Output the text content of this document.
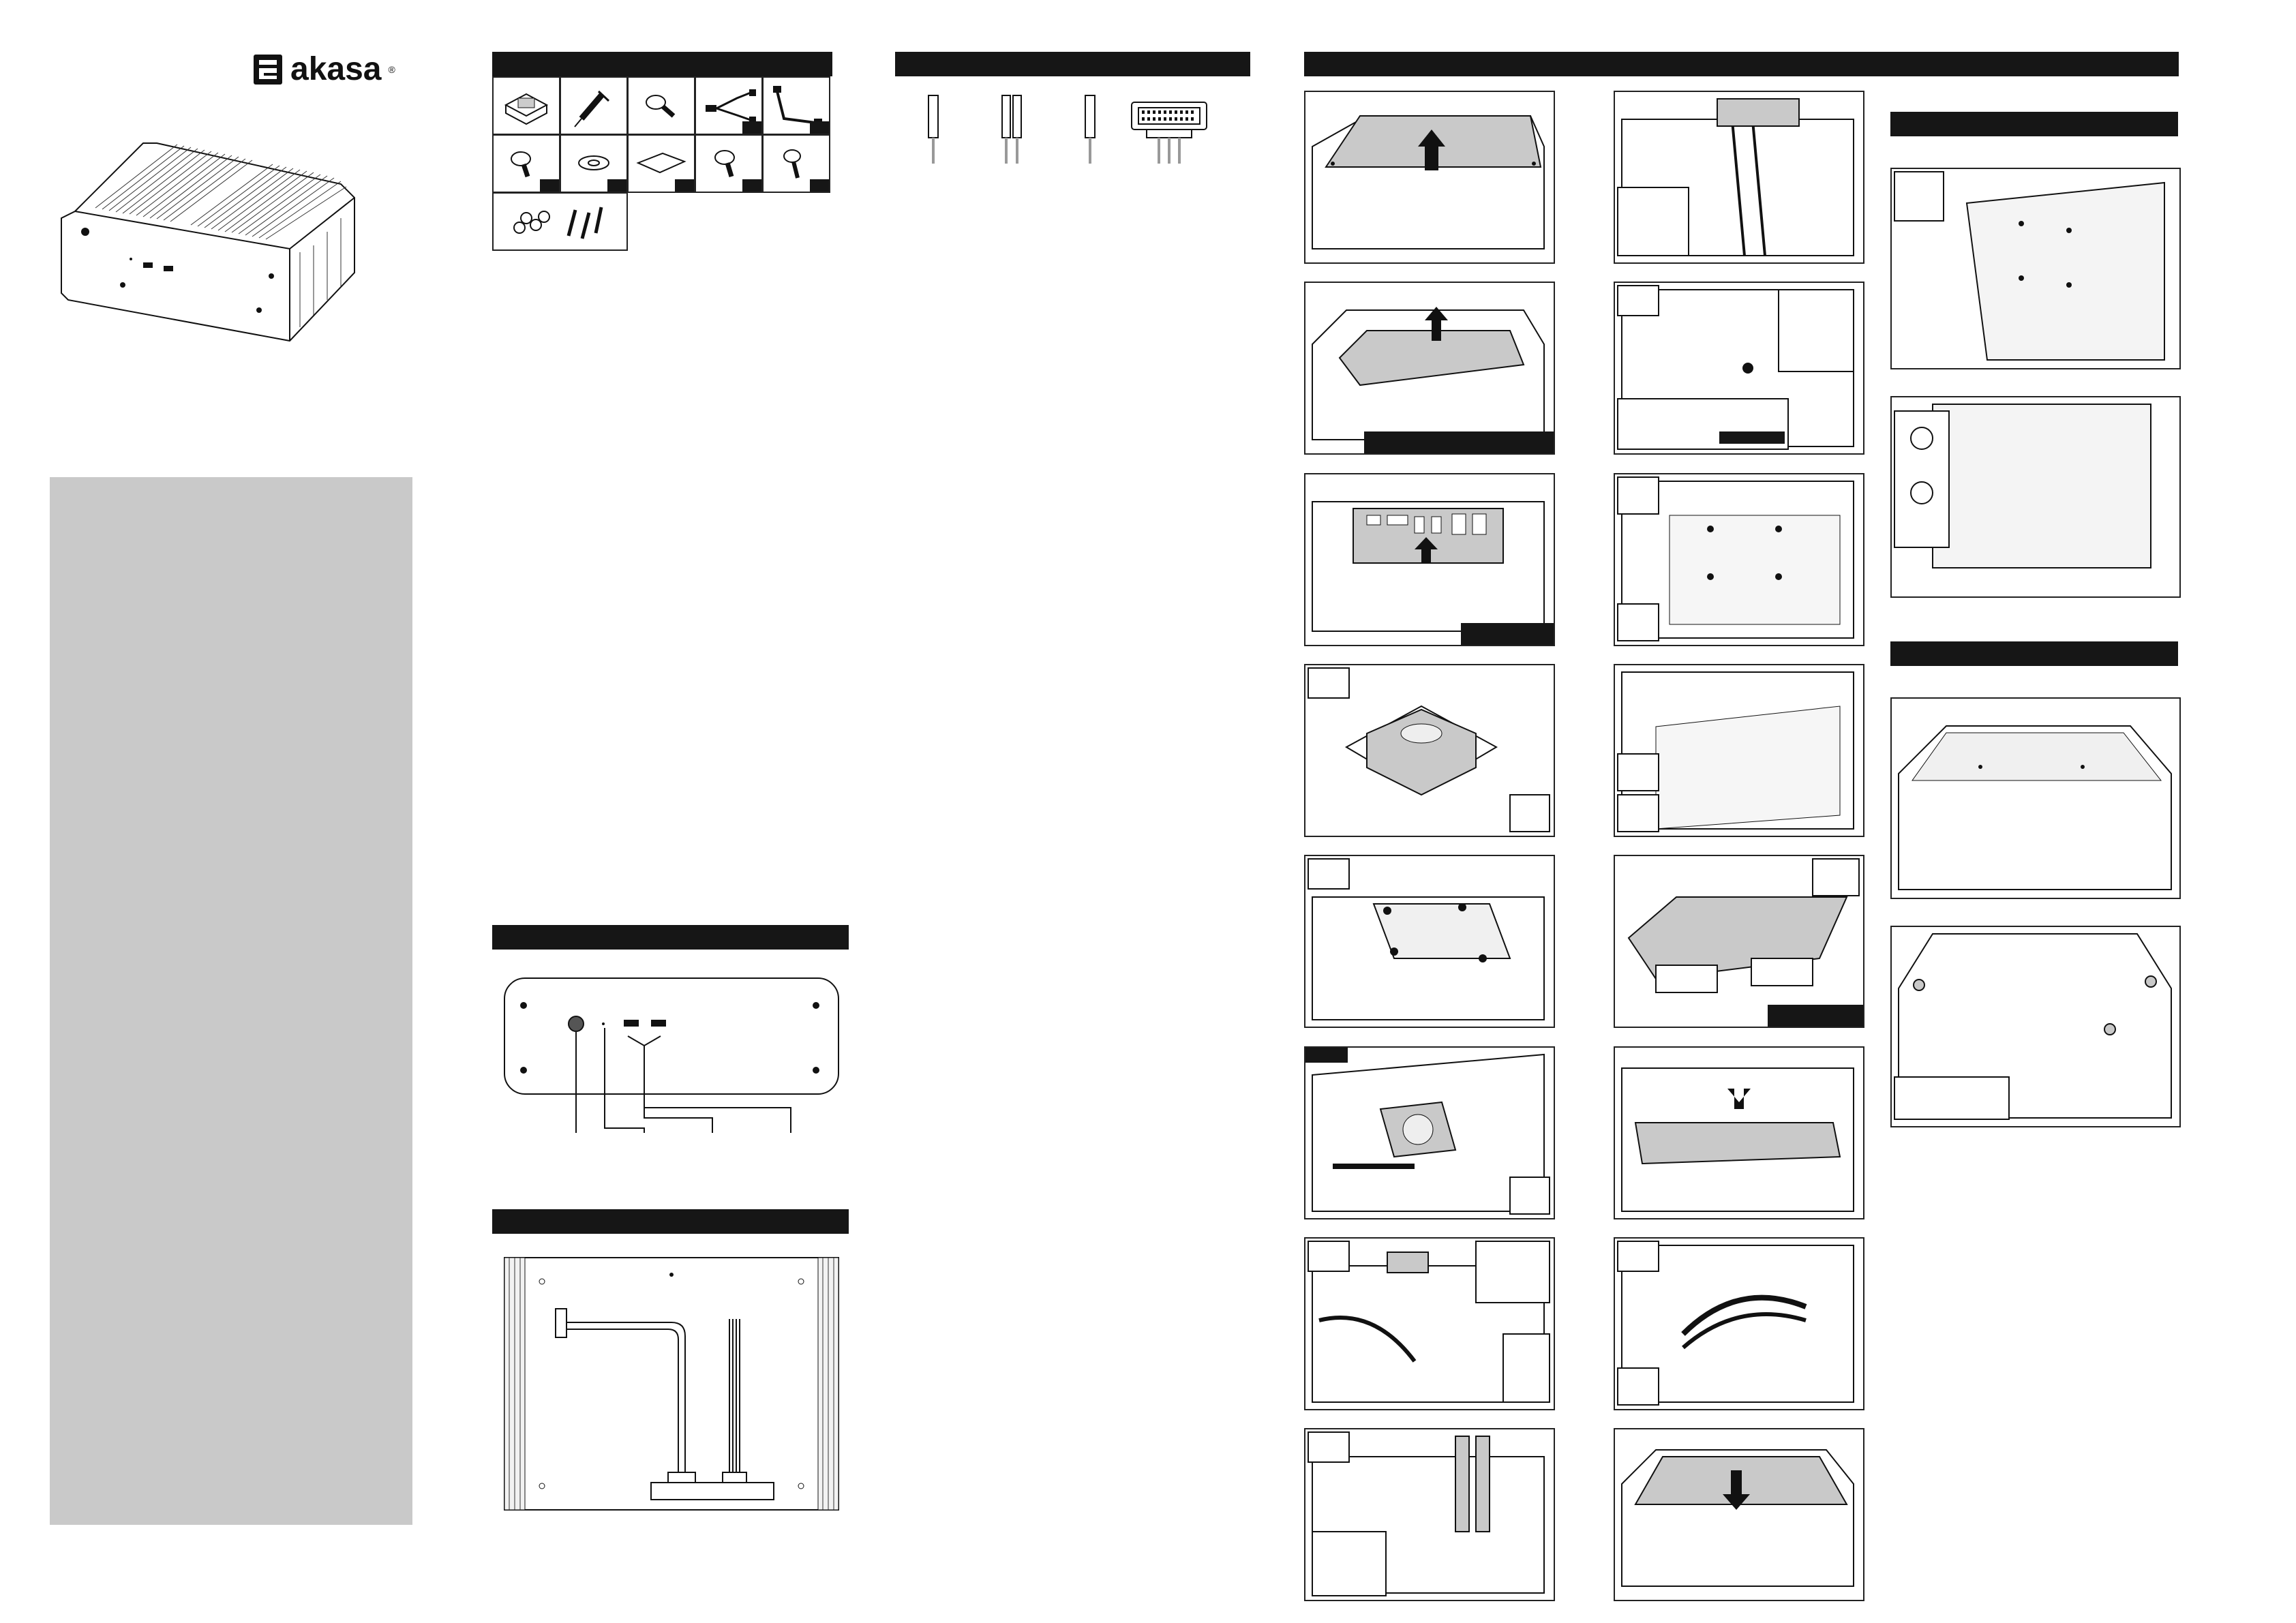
akasa ®
